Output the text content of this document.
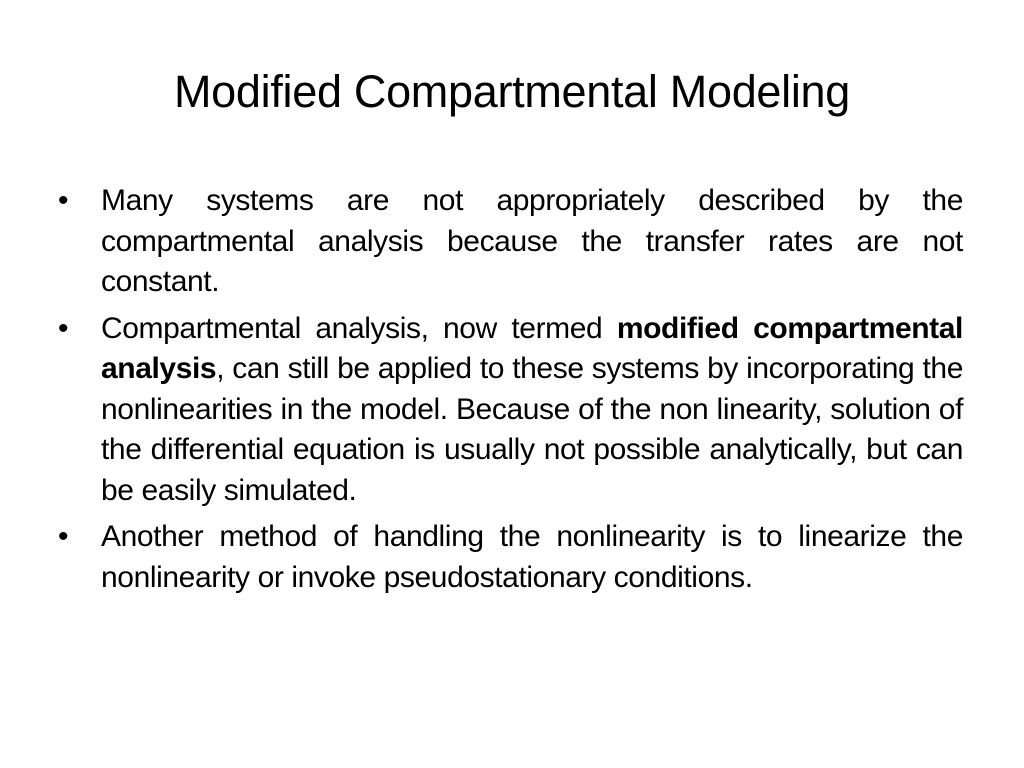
Modified Compartmental Modeling
•	Many systems are not appropriately described by the compartmental analysis because the transfer rates are not constant.
•	Compartmental analysis, now termed modified compartmental analysis, can still be applied to these systems by incorporating the nonlinearities in the model. Because of the non linearity, solution of the differential equation is usually not possible analytically, but can be easily simulated.
•	Another method of handling the nonlinearity is to linearize the nonlinearity or invoke pseudostationary conditions.
